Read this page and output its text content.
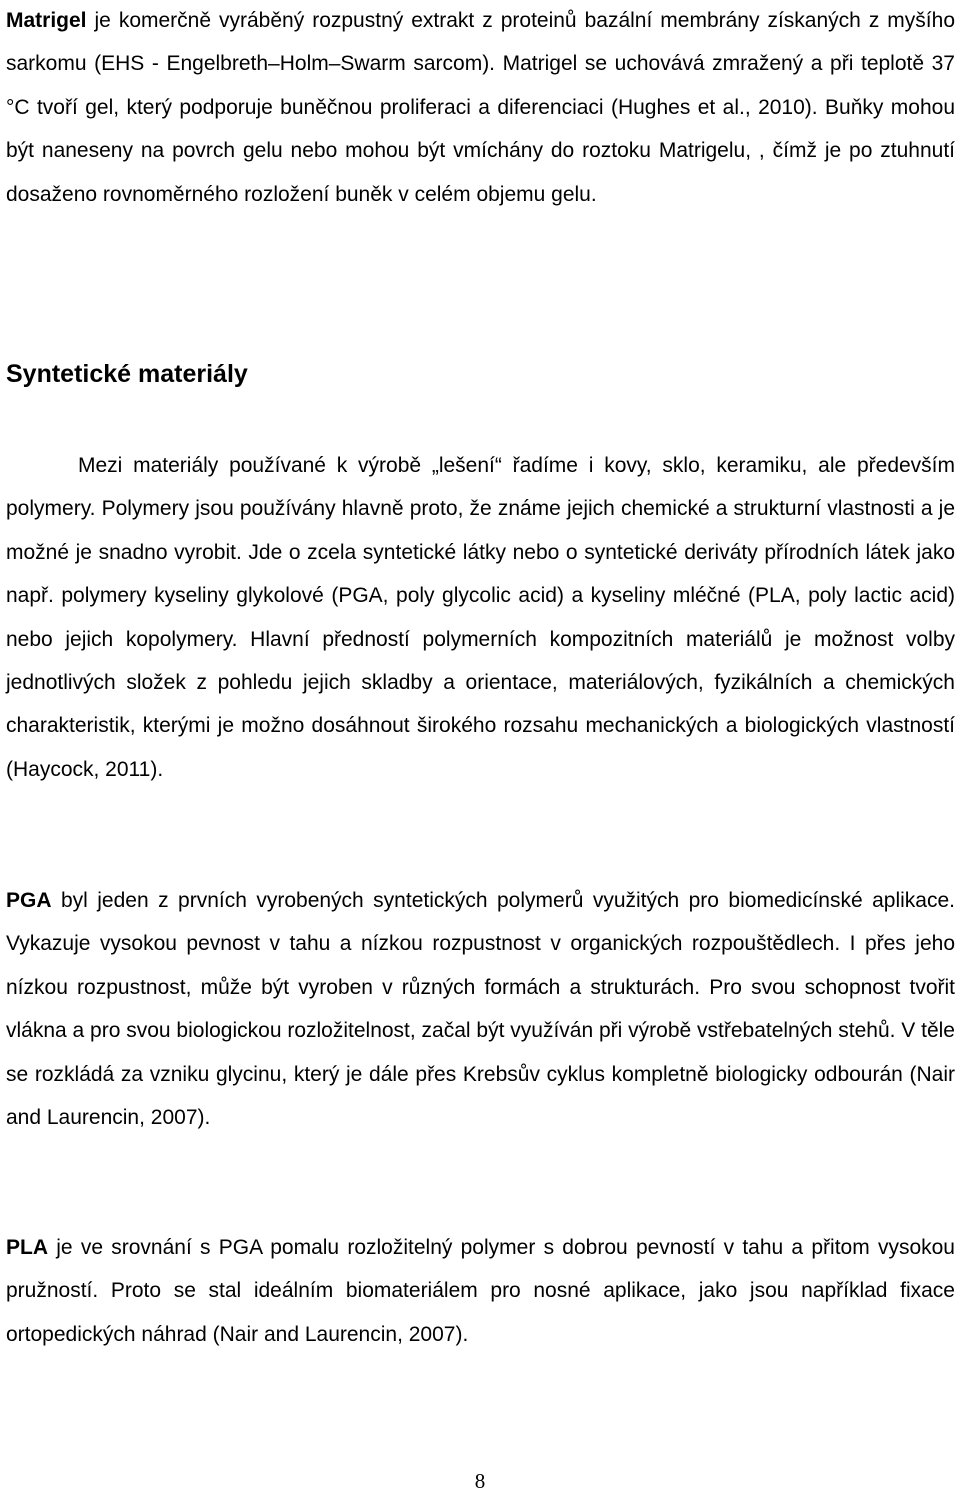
Matrigel je komerčně vyráběný rozpustný extrakt z proteinů bazální membrány získaných z myšího sarkomu (EHS - Engelbreth–Holm–Swarm sarcom). Matrigel se uchovává zmražený a při teplotě 37 °C tvoří gel, který podporuje buněčnou proliferaci a diferenciaci (Hughes et al., 2010). Buňky mohou být naneseny na povrch gelu nebo mohou být vmíchány do roztoku Matrigelu, , čímž je po ztuhnutí dosaženo rovnoměrného rozložení buněk v celém objemu gelu.

Syntetické materiály

Mezi materiály používané k výrobě „lešení“ řadíme i kovy, sklo, keramiku, ale především polymery. Polymery jsou používány hlavně proto, že známe jejich chemické a strukturní vlastnosti a je možné je snadno vyrobit. Jde o zcela syntetické látky nebo o syntetické deriváty přírodních látek jako např. polymery kyseliny glykolové (PGA, poly glycolic acid) a kyseliny mléčné (PLA, poly lactic acid) nebo jejich kopolymery. Hlavní předností polymerních kompozitních materiálů je možnost volby jednotlivých složek z pohledu jejich skladby a orientace, materiálových, fyzikálních a chemických charakteristik, kterými je možno dosáhnout širokého rozsahu mechanických a biologických vlastností (Haycock, 2011).

PGA byl jeden z prvních vyrobených syntetických polymerů využitých pro biomedicínské aplikace. Vykazuje vysokou pevnost v tahu a nízkou rozpustnost v organických rozpouštědlech. I přes jeho nízkou rozpustnost, může být vyroben v různých formách a strukturách. Pro svou schopnost tvořit vlákna a pro svou biologickou rozložitelnost, začal být využíván při výrobě vstřebatelných stehů. V těle se rozkládá za vzniku glycinu, který je dále přes Krebsův cyklus kompletně biologicky odbourán (Nair and Laurencin, 2007).

PLA je ve srovnání s PGA pomalu rozložitelný polymer s dobrou pevností v tahu a přitom vysokou pružností. Proto se stal ideálním biomateriálem pro nosné aplikace, jako jsou například fixace ortopedických náhrad (Nair and Laurencin, 2007).

8
